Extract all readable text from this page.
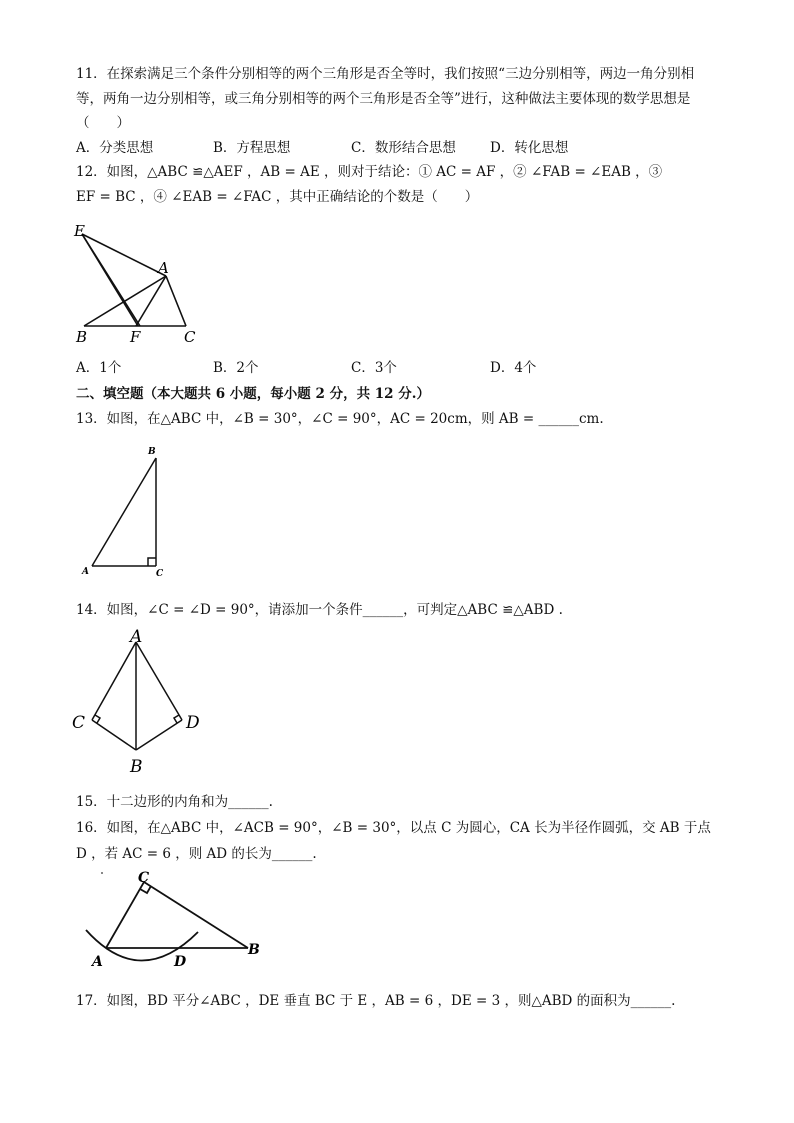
11．在探索满足三个条件分别相等的两个三角形是否全等时，我们按照“三边分别相等，两边一角分别相
等，两角一边分别相等，或三角分别相等的两个三角形是否全等”进行，这种做法主要体现的数学思想是
（　　）
A．分类思想	B．方程思想	C．数形结合思想	D．转化思想
12．如图，△ABC ≌△AEF ，AB = AE ，则对于结论：① AC = AF ，② ∠FAB = ∠EAB ，③
EF = BC ，④ ∠EAB = ∠FAC ，其中正确结论的个数是（　　）
E
A
B	F	C
A．1个	B．2个	C．3个	D．4个
二、填空题（本大题共 6 小题，每小题 2 分，共 12 分.）
13．如图，在△ABC 中，∠B = 30°，∠C = 90°，AC = 20cm，则 AB = ______cm.
B
A	C
14．如图，∠C = ∠D = 90°，请添加一个条件______，可判定△ABC ≌△ABD .
A
C	D
B
15．十二边形的内角和为______.
16．如图，在△ABC 中，∠ACB = 90°，∠B = 30°，以点 C 为圆心，CA 长为半径作圆弧，交 AB 于点
D ，若 AC = 6 ，则 AD 的长为______.
C
A	D
B
17．如图，BD 平分∠ABC ，DE 垂直 BC 于 E ，AB = 6 ，DE = 3 ，则△ABD 的面积为______.
